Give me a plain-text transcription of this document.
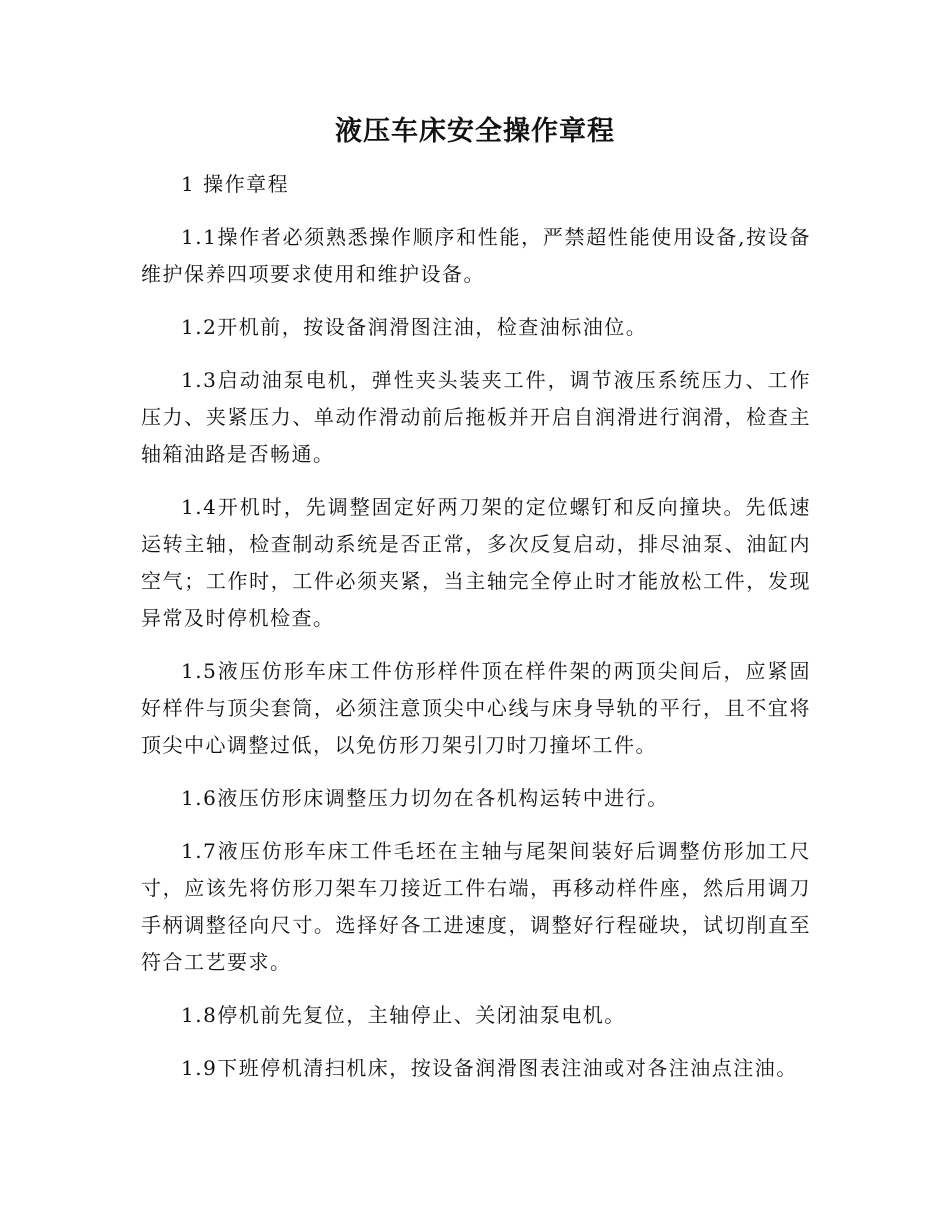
液压车床安全操作章程

1 操作章程

1.1操作者必须熟悉操作顺序和性能，严禁超性能使用设备,按设备维护保养四项要求使用和维护设备。

1.2开机前，按设备润滑图注油，检查油标油位。

1.3启动油泵电机，弹性夹头装夹工件，调节液压系统压力、工作压力、夹紧压力、单动作滑动前后拖板并开启自润滑进行润滑，检查主轴箱油路是否畅通。

1.4开机时，先调整固定好两刀架的定位螺钉和反向撞块。先低速运转主轴，检查制动系统是否正常，多次反复启动，排尽油泵、油缸内空气；工作时，工件必须夹紧，当主轴完全停止时才能放松工件，发现异常及时停机检查。

1.5液压仿形车床工件仿形样件顶在样件架的两顶尖间后，应紧固好样件与顶尖套筒，必须注意顶尖中心线与床身导轨的平行，且不宜将顶尖中心调整过低，以免仿形刀架引刀时刀撞坏工件。

1.6液压仿形床调整压力切勿在各机构运转中进行。

1.7液压仿形车床工件毛坯在主轴与尾架间装好后调整仿形加工尺寸，应该先将仿形刀架车刀接近工件右端，再移动样件座，然后用调刀手柄调整径向尺寸。选择好各工进速度，调整好行程碰块，试切削直至符合工艺要求。

1.8停机前先复位，主轴停止、关闭油泵电机。

1.9下班停机清扫机床，按设备润滑图表注油或对各注油点注油。
